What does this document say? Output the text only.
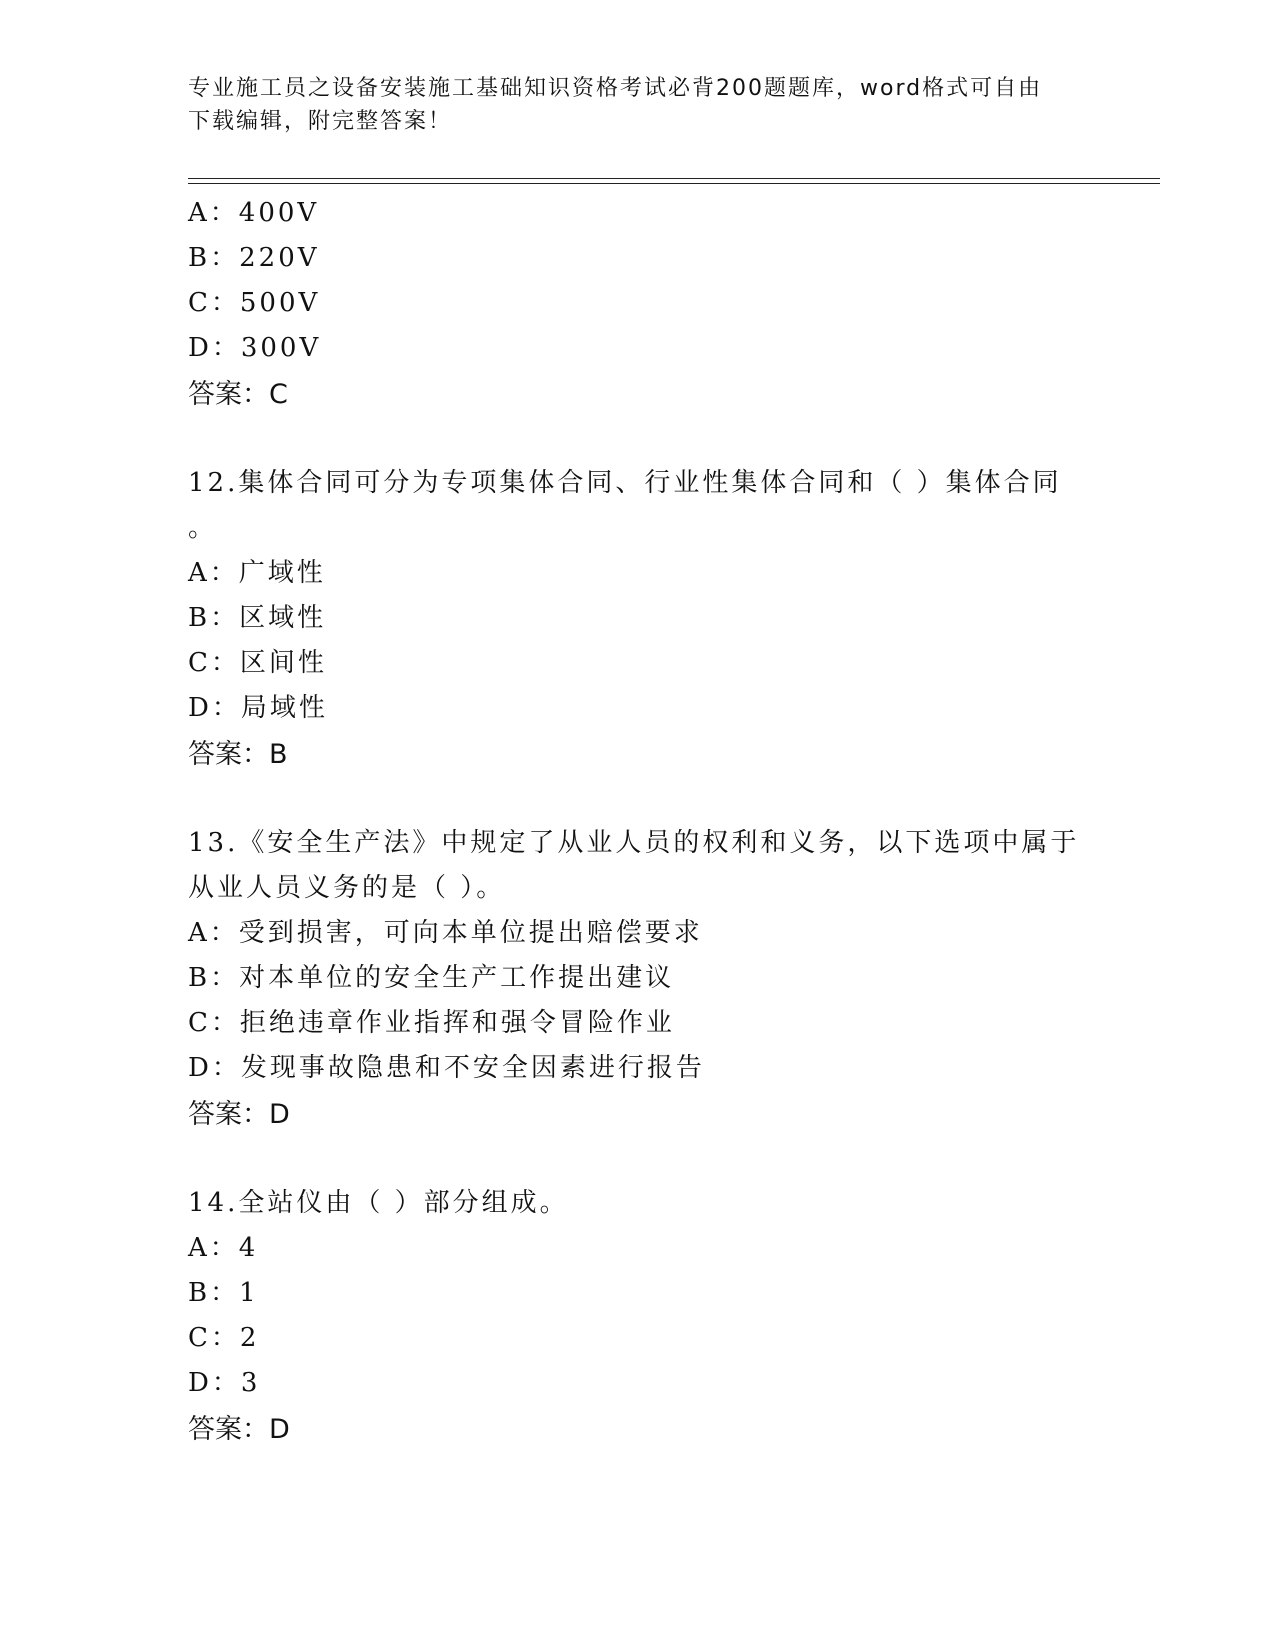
专业施工员之设备安装施工基础知识资格考试必背200题题库，word格式可自由
下载编辑，附完整答案！
A：400V
B：220V
C：500V
D：300V
答案：C
12.集体合同可分为专项集体合同、行业性集体合同和（ ）集体合同
。
A：广域性
B：区域性
C：区间性
D：局域性
答案：B
13.《安全生产法》中规定了从业人员的权利和义务，以下选项中属于
从业人员义务的是（ ）。
A：受到损害，可向本单位提出赔偿要求
B：对本单位的安全生产工作提出建议
C：拒绝违章作业指挥和强令冒险作业
D：发现事故隐患和不安全因素进行报告
答案：D
14.全站仪由（ ）部分组成。
A：4
B：1
C：2
D：3
答案：D
